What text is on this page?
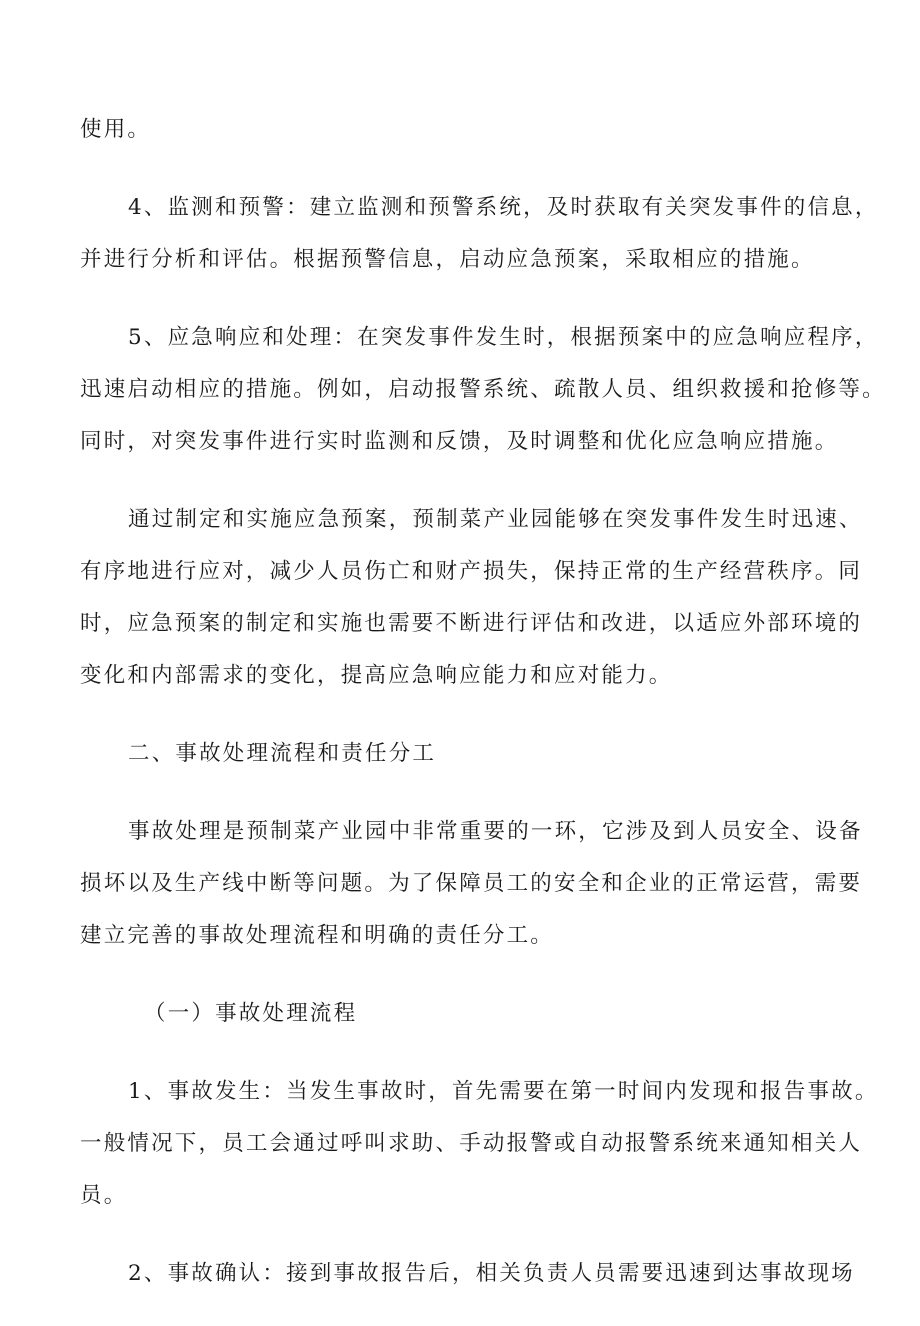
使用。

4、监测和预警：建立监测和预警系统，及时获取有关突发事件的信息，

并进行分析和评估。根据预警信息，启动应急预案，采取相应的措施。

5、应急响应和处理：在突发事件发生时，根据预案中的应急响应程序，

迅速启动相应的措施。例如，启动报警系统、疏散人员、组织救援和抢修等。

同时，对突发事件进行实时监测和反馈，及时调整和优化应急响应措施。

通过制定和实施应急预案，预制菜产业园能够在突发事件发生时迅速、

有序地进行应对，减少人员伤亡和财产损失，保持正常的生产经营秩序。同

时，应急预案的制定和实施也需要不断进行评估和改进，以适应外部环境的

变化和内部需求的变化，提高应急响应能力和应对能力。

二、事故处理流程和责任分工

事故处理是预制菜产业园中非常重要的一环，它涉及到人员安全、设备

损坏以及生产线中断等问题。为了保障员工的安全和企业的正常运营，需要

建立完善的事故处理流程和明确的责任分工。

（一）事故处理流程

1、事故发生：当发生事故时，首先需要在第一时间内发现和报告事故。

一般情况下，员工会通过呼叫求助、手动报警或自动报警系统来通知相关人

员。

2、事故确认：接到事故报告后，相关负责人员需要迅速到达事故现场
